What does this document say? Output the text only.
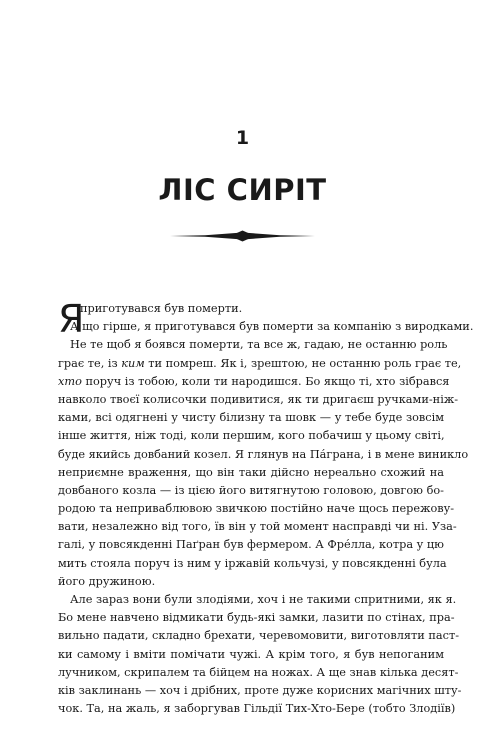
1
ЛІС СИРІТ
Я
приготувався був померти.
А що гірше, я приготувався був померти за компанію з виродками.
Не те щоб я боявся померти, та все ж, гадаю, не останню роль
грає те, із ким ти помреш. Як і, зрештою, не останню роль грає те,
хто поруч із тобою, коли ти народишся. Бо якщо ті, хто зібрався
навколо твоєї колисочки подивитися, як ти дригаєш ручками-ніж-
ками, всі одягнені у чисту білизну та шовк — у тебе буде зовсім
інше життя, ніж тоді, коли першим, кого побачиш у цьому світі,
буде якийсь довбаний козел. Я глянув на Па́грана, і в мене виникло
неприємне враження, що він таки дійсно нереально схожий на
довбаного козла — із цією його витягнутою головою, довгою бо-
родою та неприваблювою звичкою постійно наче щось пережову-
вати, незалежно від того, їв він у той момент насправді чи ні. Узa-
галі, у повсякденні Паґран був фермером. А Фре́лла, котра у цю
мить стояла поруч із ним у іржавій кольчузі, у повсякденні була
його дружиною.
Але зараз вони були злодіями, хоч і не такими спритними, як я.
Бо мене навчено відмикати будь-які замки, лазити по стінах, пра-
вильно падати, складно брехати, черевомовити, виготовляти паст-
ки самому і вміти помічати чужі. А крім того, я був непоганим
лучником, скрипалем та бійцем на ножах. А ще знав кілька десят-
ків заклинань — хоч і дрібних, проте дуже корисних магічних шту-
чок. Та, на жаль, я заборгував Гільдії Тих-Хто-Бере (тобто Злодіїв)
